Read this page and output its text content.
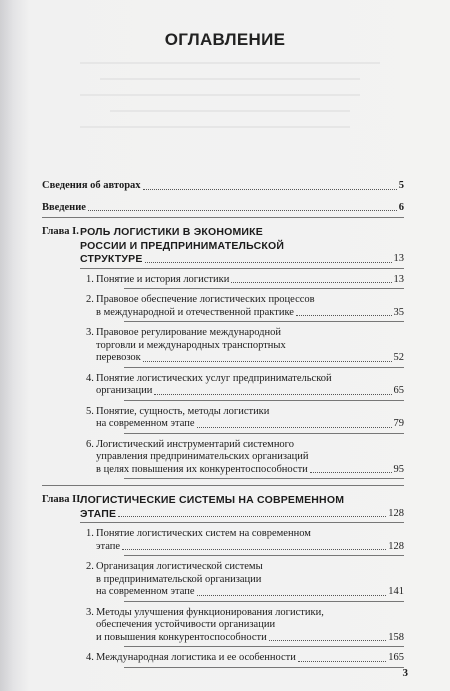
ОГЛАВЛЕНИЕ
Сведения об авторах	5
Введение	6
Глава I. РОЛЬ ЛОГИСТИКИ В ЭКОНОМИКЕ
РОССИИ И ПРЕДПРИНИМАТЕЛЬСКОЙ
СТРУКТУРЕ	13
1. Понятие и история логистики	13
2. Правовое обеспечение логистических процессов
в международной и отечественной практике	35
3. Правовое регулирование международной
торговли и международных транспортных
перевозок	52
4. Понятие логистических услуг предпринимательской
организации	65
5. Понятие, сущность, методы логистики
на современном этапе	79
6. Логистический инструментарий системного
управления предпринимательских организаций
в целях повышения их конкурентоспособности	95
Глава II.
ЛОГИСТИЧЕСКИЕ СИСТЕМЫ НА СОВРЕМЕННОМ
ЭТАПЕ	128
1. Понятие логистических систем на современном
этапе	128
2. Организация логистической системы
в предпринимательской организации
на современном этапе	141
3. Методы улучшения функционирования логистики,
обеспечения устойчивости организации
и повышения конкурентоспособности	158
4. Международная логистика и ее особенности	165
3
